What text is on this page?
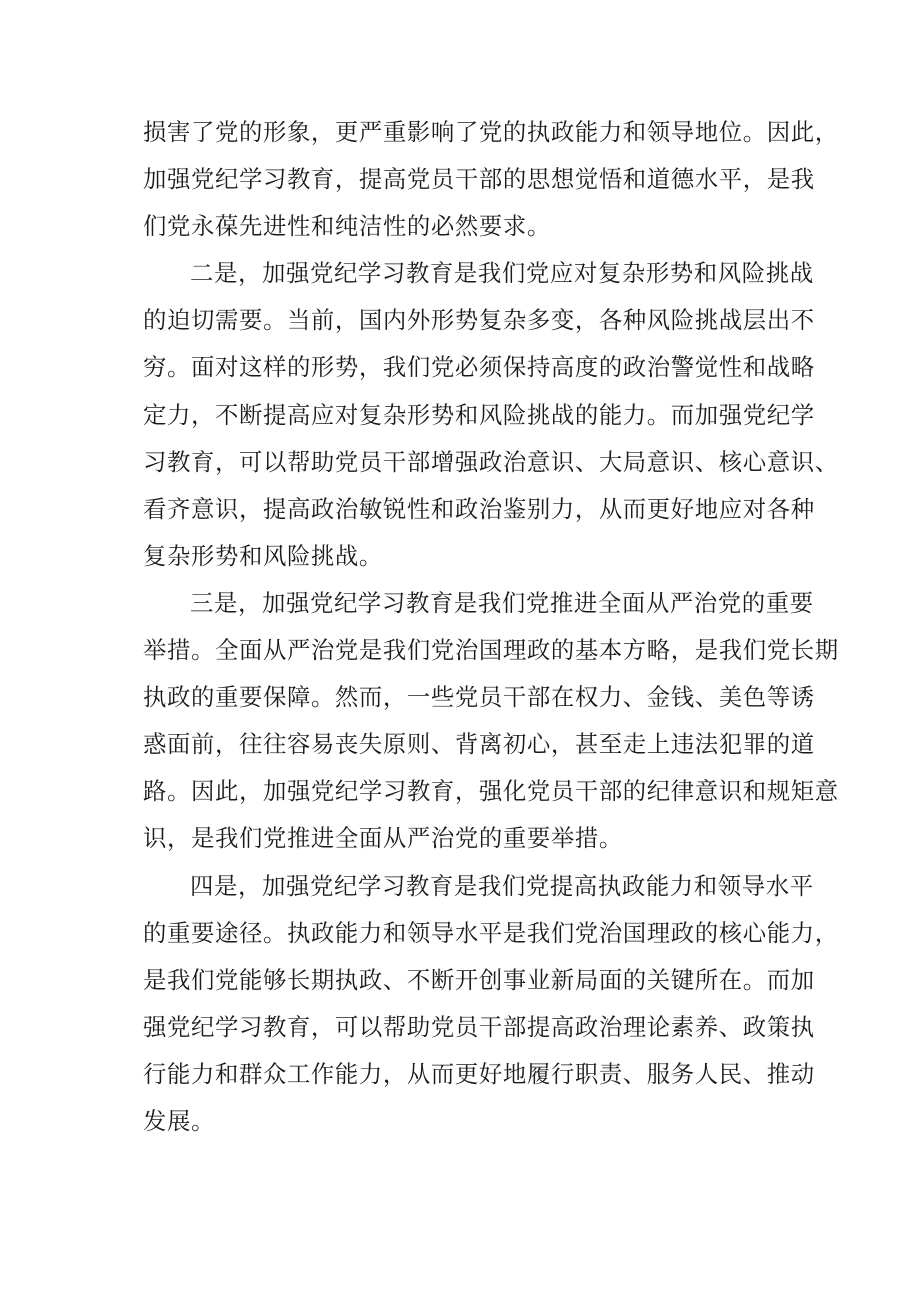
损害了党的形象，更严重影响了党的执政能力和领导地位。因此，
加强党纪学习教育，提高党员干部的思想觉悟和道德水平，是我
们党永葆先进性和纯洁性的必然要求。
二是，加强党纪学习教育是我们党应对复杂形势和风险挑战
的迫切需要。当前，国内外形势复杂多变，各种风险挑战层出不
穷。面对这样的形势，我们党必须保持高度的政治警觉性和战略
定力，不断提高应对复杂形势和风险挑战的能力。而加强党纪学
习教育，可以帮助党员干部增强政治意识、大局意识、核心意识、
看齐意识，提高政治敏锐性和政治鉴别力，从而更好地应对各种
复杂形势和风险挑战。
三是，加强党纪学习教育是我们党推进全面从严治党的重要
举措。全面从严治党是我们党治国理政的基本方略，是我们党长期
执政的重要保障。然而，一些党员干部在权力、金钱、美色等诱
惑面前，往往容易丧失原则、背离初心，甚至走上违法犯罪的道
路。因此，加强党纪学习教育，强化党员干部的纪律意识和规矩意
识，是我们党推进全面从严治党的重要举措。
四是，加强党纪学习教育是我们党提高执政能力和领导水平
的重要途径。执政能力和领导水平是我们党治国理政的核心能力，
是我们党能够长期执政、不断开创事业新局面的关键所在。而加
强党纪学习教育，可以帮助党员干部提高政治理论素养、政策执
行能力和群众工作能力，从而更好地履行职责、服务人民、推动
发展。
